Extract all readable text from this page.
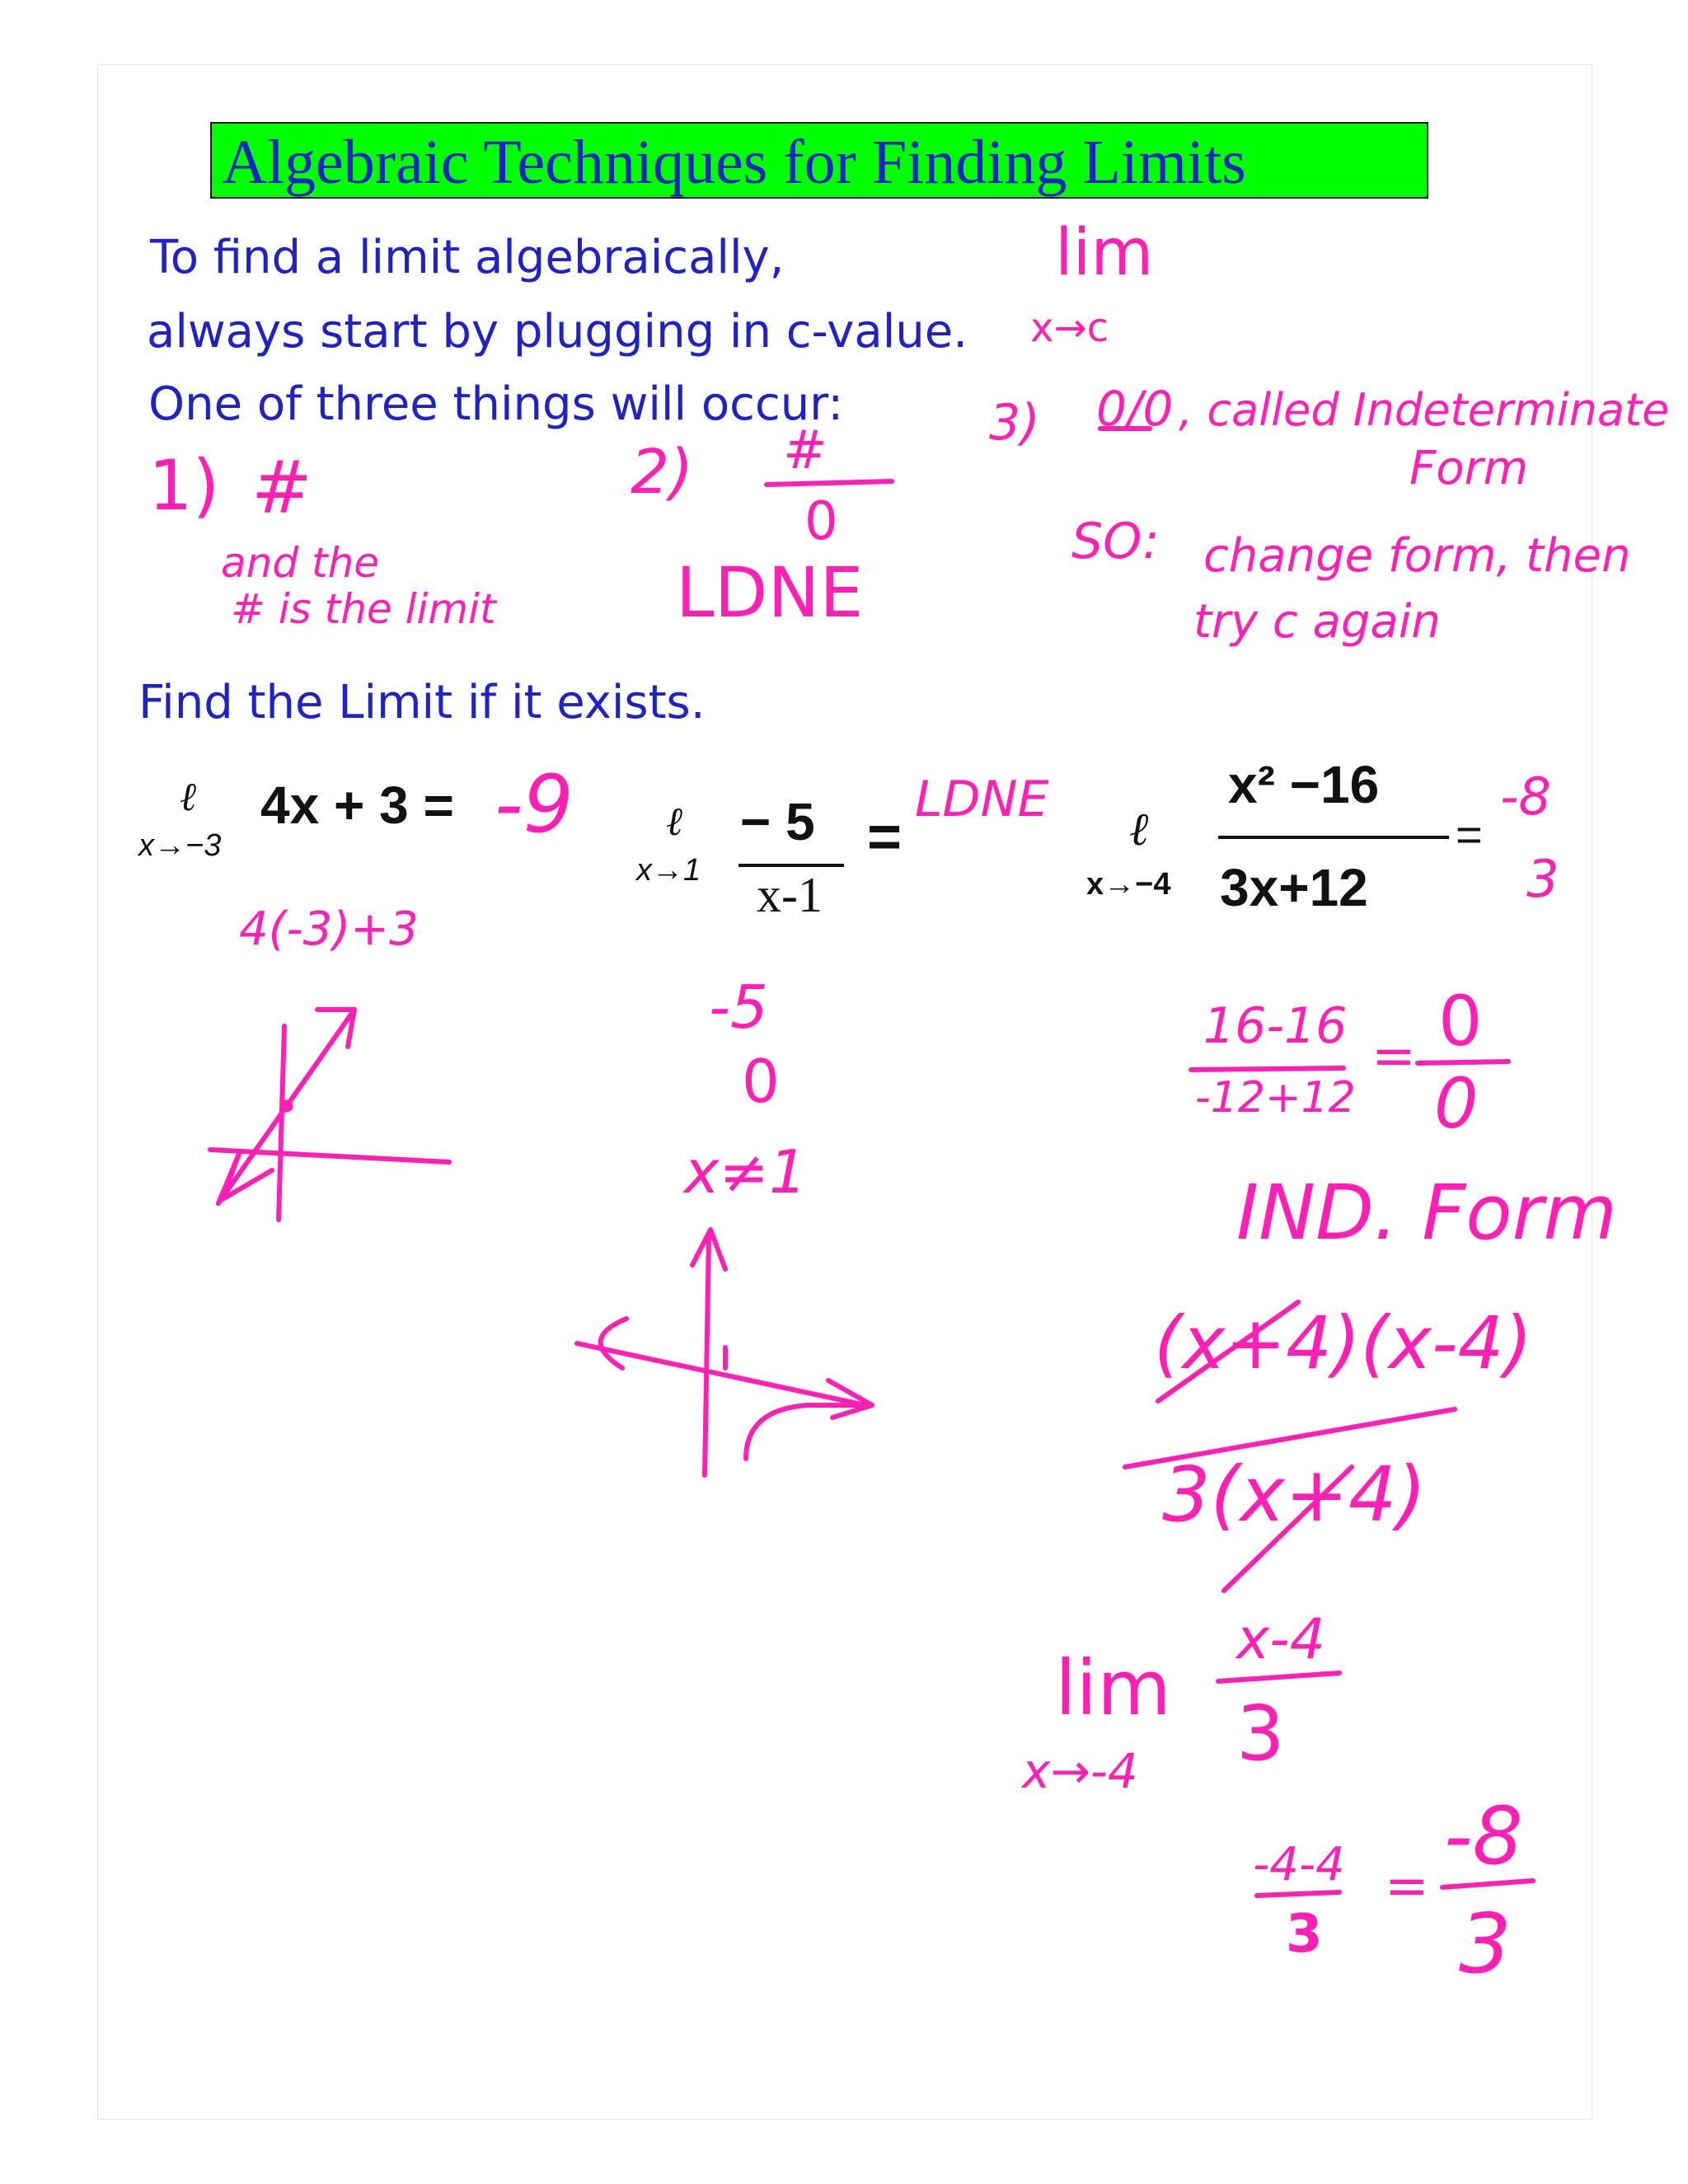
Algebraic Techniques for Finding Limits
To find a limit algebraically,
always start by plugging in c-value.
One of three things will occur:
Find the Limit if it exists.
ℓ
x→−3
4x + 3 =	ℓ
x→1
− 5
x-1
=	ℓ
x→−4
x² −16
3x+12
=
lim
x→c
3) 0/0 , called Indeterminate
Form
SO: change form, then
try c again
1) #
and the
# is the limit
2) #
0
LDNE
-9
4(-3)+3
LDNE
-5
0
x≠1
-8
3
16-16
-12+12
= 0
0
IND. Form
(x+4)(x-4)
3(x+4)
lim
x→-4
x-4
3
-4-4
3
=
-8
3
